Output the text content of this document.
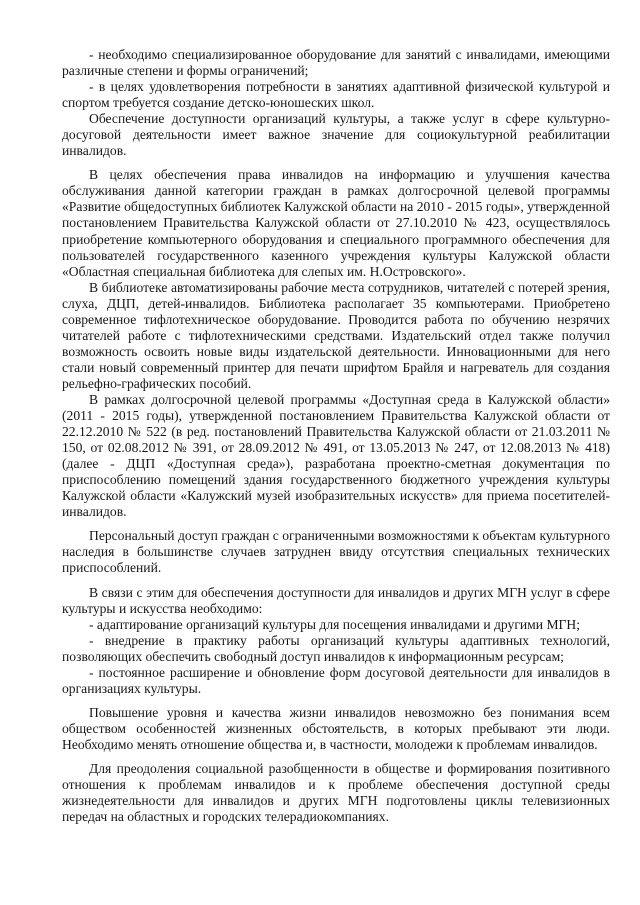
- необходимо специализированное оборудование для занятий с инвалидами, имеющими различные степени и формы ограничений;

- в целях удовлетворения потребности в занятиях адаптивной физической культурой и спортом требуется создание детско-юношеских школ.

Обеспечение доступности организаций культуры, а также услуг в сфере культурно-досуговой деятельности имеет важное значение для социокультурной реабилитации инвалидов.

В целях обеспечения права инвалидов на информацию и улучшения качества обслуживания данной категории граждан в рамках долгосрочной целевой программы «Развитие общедоступных библиотек Калужской области на 2010 - 2015 годы», утвержденной постановлением Правительства Калужской области от 27.10.2010 № 423, осуществлялось приобретение компьютерного оборудования и специального программного обеспечения для пользователей государственного казенного учреждения культуры Калужской области «Областная специальная библиотека для слепых им. Н.Островского».

В библиотеке автоматизированы рабочие места сотрудников, читателей с потерей зрения, слуха, ДЦП, детей-инвалидов. Библиотека располагает 35 компьютерами. Приобретено современное тифлотехническое оборудование. Проводится работа по обучению незрячих читателей работе с тифлотехническими средствами. Издательский отдел также получил возможность освоить новые виды издательской деятельности. Инновационными для него стали новый современный принтер для печати шрифтом Брайля и нагреватель для создания рельефно-графических пособий.

В рамках долгосрочной целевой программы «Доступная среда в Калужской области» (2011 - 2015 годы), утвержденной постановлением Правительства Калужской области от 22.12.2010 № 522 (в ред. постановлений Правительства Калужской области от 21.03.2011 № 150, от 02.08.2012 № 391, от 28.09.2012 № 491, от 13.05.2013 № 247, от 12.08.2013 № 418) (далее - ДЦП «Доступная среда»), разработана проектно-сметная документация по приспособлению помещений здания государственного бюджетного учреждения культуры Калужской области «Калужский музей изобразительных искусств» для приема посетителей-инвалидов.

Персональный доступ граждан с ограниченными возможностями к объектам культурного наследия в большинстве случаев затруднен ввиду отсутствия специальных технических приспособлений.

В связи с этим для обеспечения доступности для инвалидов и других МГН услуг в сфере культуры и искусства необходимо:

- адаптирование организаций культуры для посещения инвалидами и другими МГН;

- внедрение в практику работы организаций культуры адаптивных технологий, позволяющих обеспечить свободный доступ инвалидов к информационным ресурсам;

- постоянное расширение и обновление форм досуговой деятельности для инвалидов в организациях культуры.

Повышение уровня и качества жизни инвалидов невозможно без понимания всем обществом особенностей жизненных обстоятельств, в которых пребывают эти люди. Необходимо менять отношение общества и, в частности, молодежи к проблемам инвалидов.

Для преодоления социальной разобщенности в обществе и формирования позитивного отношения к проблемам инвалидов и к проблеме обеспечения доступной среды жизнедеятельности для инвалидов и других МГН подготовлены циклы телевизионных передач на областных и городских телерадиокомпаниях.
